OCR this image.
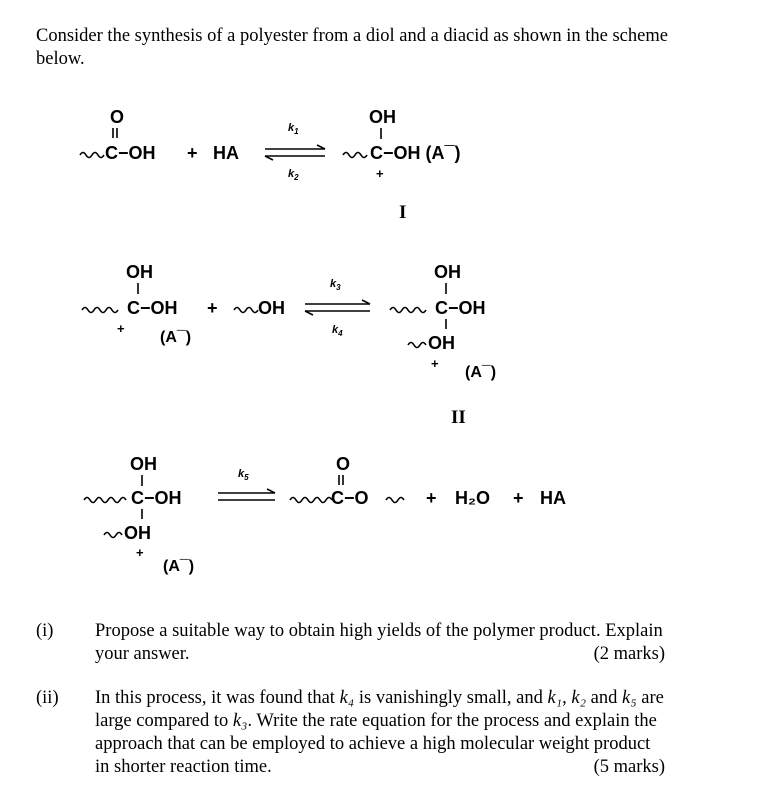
Consider the synthesis of a polyester from a diol and a diacid as shown in the scheme below.
O
C−OH + HA
$k_1$
$k_2$
OH
C−OH (A¯)
+
I
OH
C−OH
+
(A¯)
+ OH
$k_3$
$k_4$
OH
C−OH
OH
+
(A¯)
II
OH
C−OH
OH
+
(A¯)
$k_5$
O
C−O	+ H₂O + HA
(i) Propose a suitable way to obtain high yields of the polymer product. Explain your answer.	(2 marks)
(ii) In this process, it was found that k₄ is vanishingly small, and k₁, k₂ and k₅ are large compared to k₃. Write the rate equation for the process and explain the approach that can be employed to achieve a high molecular weight product in shorter reaction time.	(5 marks)
